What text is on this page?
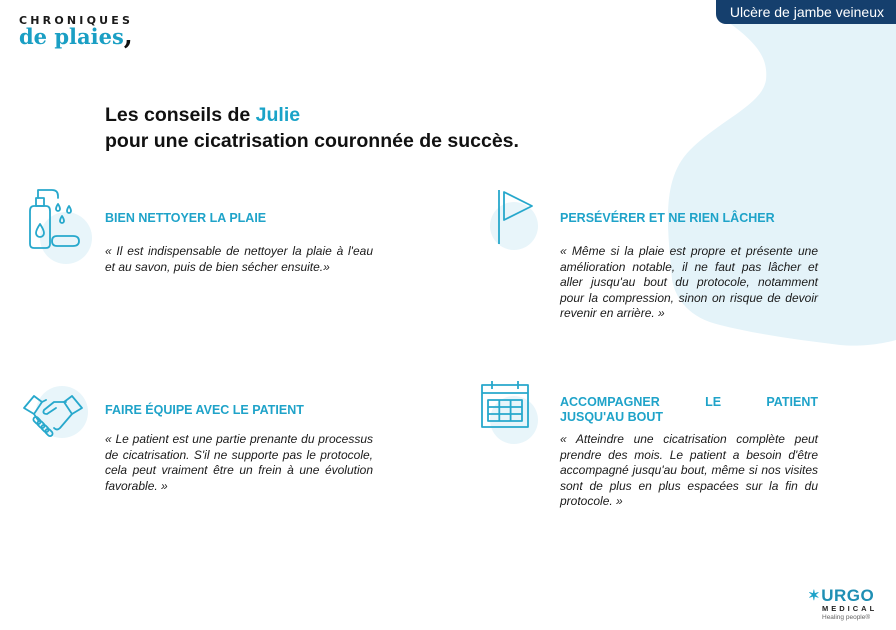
CHRONIQUES
de plaies,
Ulcère de jambe veineux
Les conseils de Julie
pour une cicatrisation couronnée de succès.
BIEN NETTOYER LA PLAIE
« Il est indispensable de nettoyer la plaie à l'eau et au savon, puis de bien sécher ensuite.»
PERSÉVÉRER ET NE RIEN LÂCHER
« Même si la plaie est propre et présente une amélioration notable, il ne faut pas lâcher et aller jusqu'au bout du protocole, notamment pour la compression, sinon on risque de devoir revenir en arrière. »
FAIRE ÉQUIPE AVEC LE PATIENT
« Le patient est une partie prenante du processus de cicatrisation. S'il ne supporte pas le protocole, cela peut vraiment être un frein à une évolution favorable. »
ACCOMPAGNER	LE	PATIENT
JUSQU'AU BOUT
« Atteindre une cicatrisation complète peut prendre des mois. Le patient a besoin d'être accompagné jusqu'au bout, même si nos visites sont de plus en plus espacées sur la fin du protocole. »
✶ URGO
MEDICAL
Healing people®
